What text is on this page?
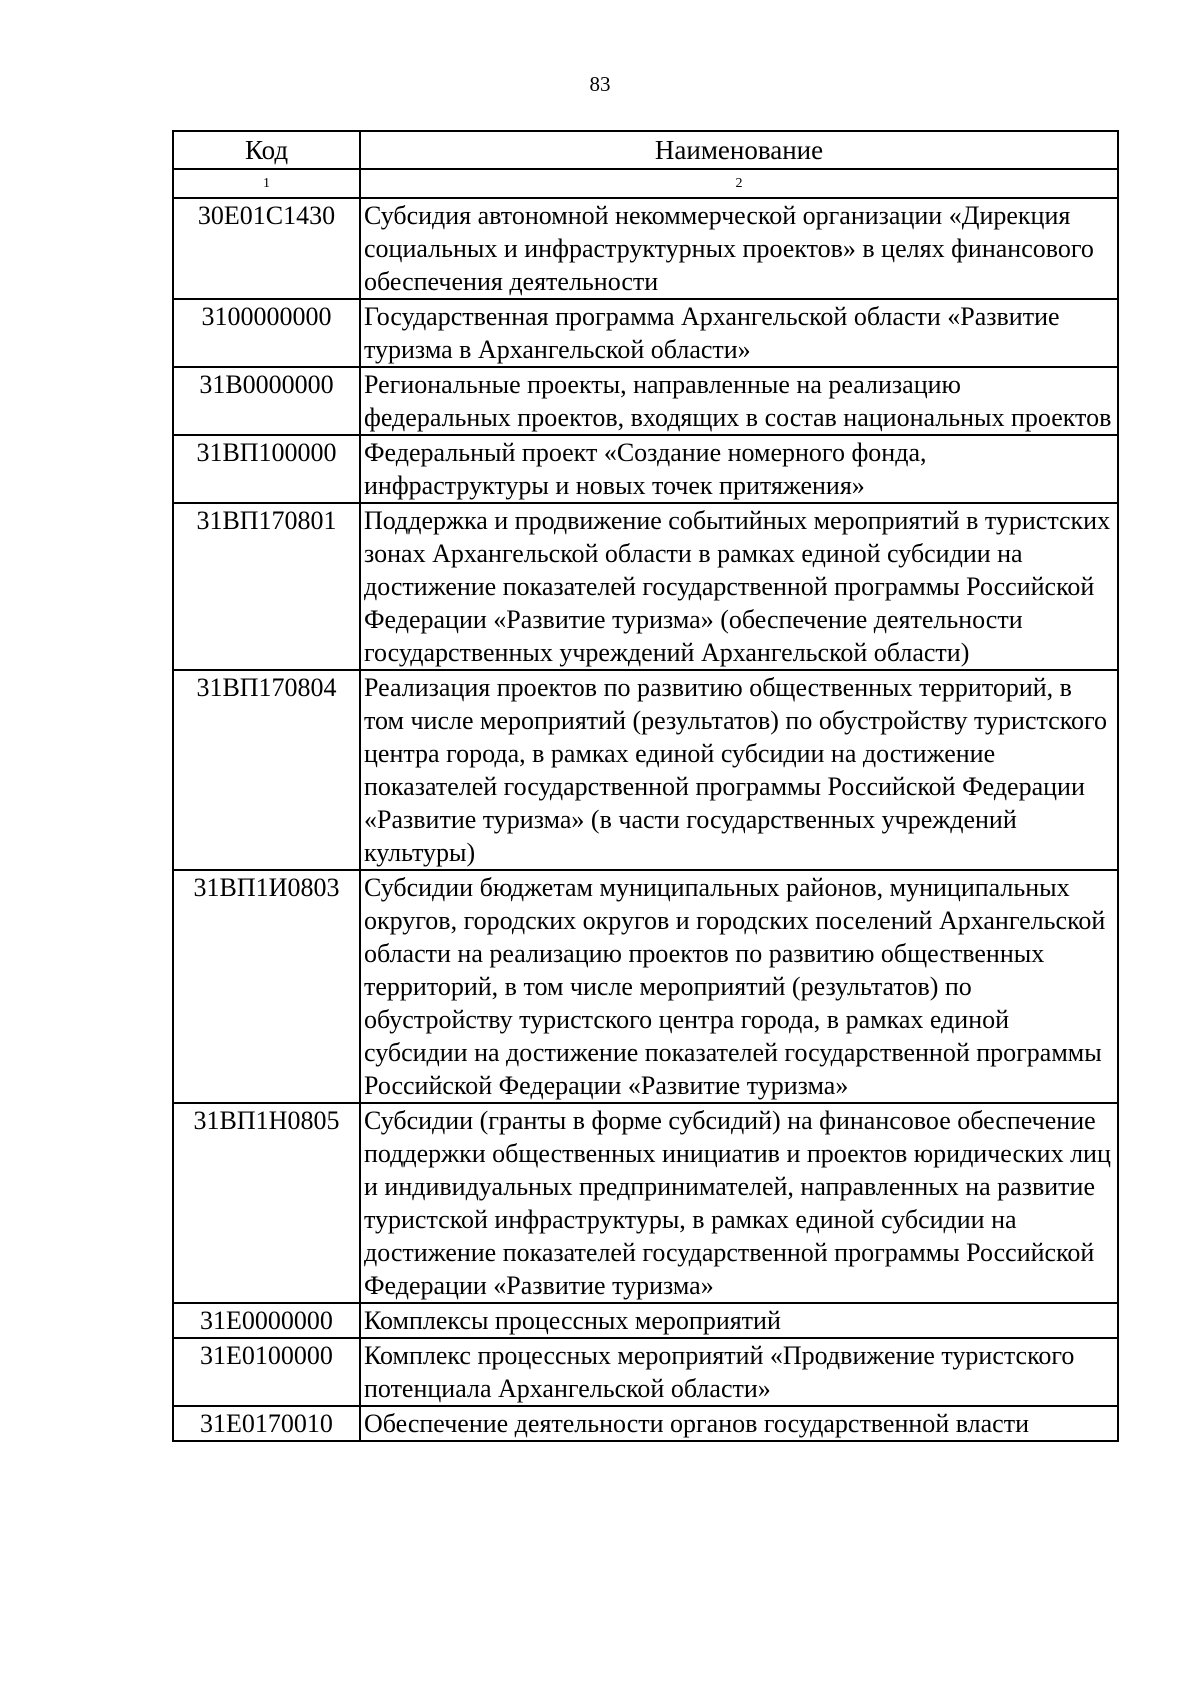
83
Код	Наименование
1	2
30Е01С1430	Субсидия автономной некоммерческой организации «Дирекция социальных и инфраструктурных проектов» в целях финансового обеспечения деятельности
3100000000	Государственная программа Архангельской области «Развитие туризма в Архангельской области»
31В0000000	Региональные проекты, направленные на реализацию федеральных проектов, входящих в состав национальных проектов
31ВП100000	Федеральный проект «Создание номерного фонда, инфраструктуры и новых точек притяжения»
31ВП170801	Поддержка и продвижение событийных мероприятий в туристских зонах Архангельской области в рамках единой субсидии на достижение показателей государственной программы Российской Федерации «Развитие туризма» (обеспечение деятельности государственных учреждений Архангельской области)
31ВП170804	Реализация проектов по развитию общественных территорий, в том числе мероприятий (результатов) по обустройству туристского центра города, в рамках единой субсидии на достижение показателей государственной программы Российской Федерации «Развитие туризма» (в части государственных учреждений культуры)
31ВП1И0803	Субсидии бюджетам муниципальных районов, муниципальных округов, городских округов и городских поселений Архангельской области на реализацию проектов по развитию общественных территорий, в том числе мероприятий (результатов) по обустройству туристского центра города, в рамках единой субсидии на достижение показателей государственной программы Российской Федерации «Развитие туризма»
31ВП1Н0805	Субсидии (гранты в форме субсидий) на финансовое обеспечение поддержки общественных инициатив и проектов юридических лиц и индивидуальных предпринимателей, направленных на развитие туристской инфраструктуры, в рамках единой субсидии на достижение показателей государственной программы Российской Федерации «Развитие туризма»
31Е0000000	Комплексы процессных мероприятий
31Е0100000	Комплекс процессных мероприятий «Продвижение туристского потенциала Архангельской области»
31Е0170010	Обеспечение деятельности органов государственной власти
